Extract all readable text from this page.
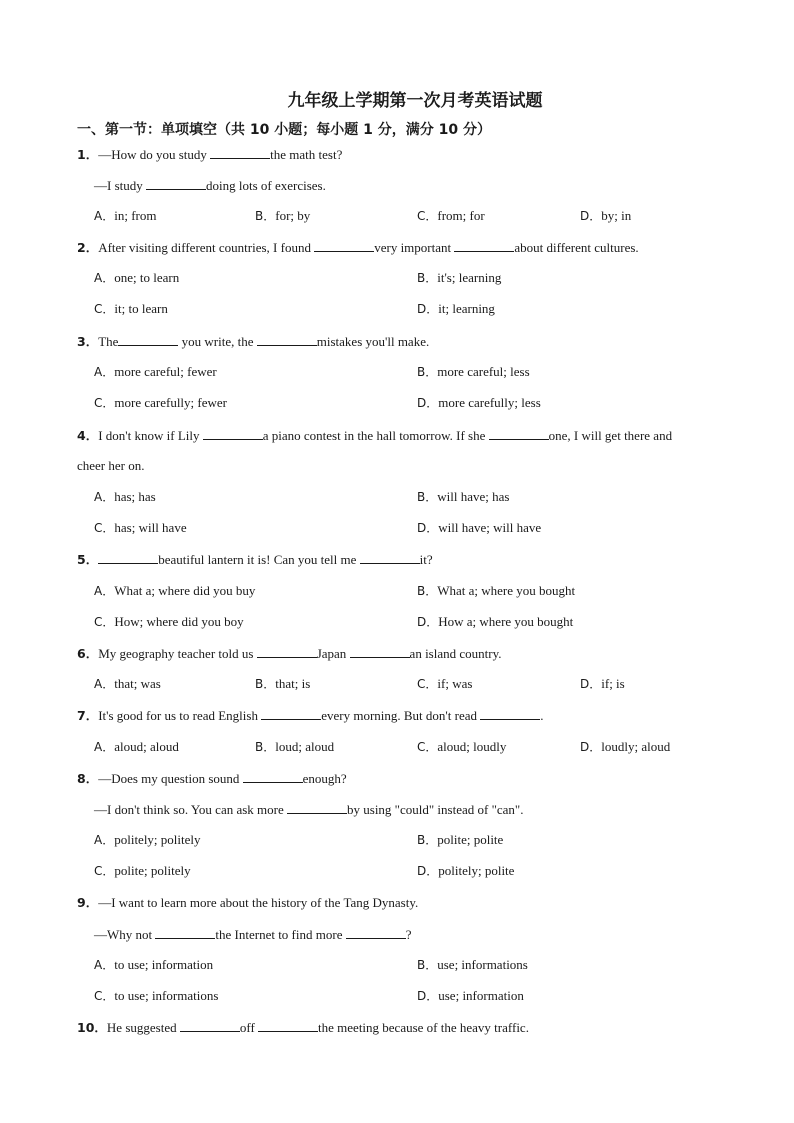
九年级上学期第一次月考英语试题
一、第一节：单项填空（共 10 小题；每小题 1 分，满分 10 分）
1．—How do you study	the math test?
—I study	doing lots of exercises.
A．in; from	B．for; by	C．from; for	D．by; in
2．After visiting different countries, I found	very important	about different cultures.
A．one; to learn	B．it's; learning
C．it; to learn	D．it; learning
3．The	you write, the	mistakes you'll make.
A．more careful; fewer	B．more careful; less
C．more carefully; fewer	D．more carefully; less
4．I don't know if Lily	a piano contest in the hall tomorrow. If she	one, I will get there and
cheer her on.
A．has; has	B．will have; has
C．has; will have	D．will have; will have
5．	beautiful lantern it is! Can you tell me	it?
A．What a; where did you buy	B．What a; where you bought
C．How; where did you boy	D．How a; where you bought
6．My geography teacher told us	Japan	an island country.
A．that; was	B．that; is	C．if; was	D．if; is
7．It's good for us to read English	every morning. But don't read	.
A．aloud; aloud	B．loud; aloud	C．aloud; loudly	D．loudly; aloud
8．—Does my question sound	enough?
—I don't think so. You can ask more	by using "could" instead of "can".
A．politely; politely	B．polite; polite
C．polite; politely	D．politely; polite
9．—I want to learn more about the history of the Tang Dynasty.
—Why not	the Internet to find more	?
A．to use; information	B．use; informations
C．to use; informations	D．use; information
10．He suggested	off	the meeting because of the heavy traffic.
